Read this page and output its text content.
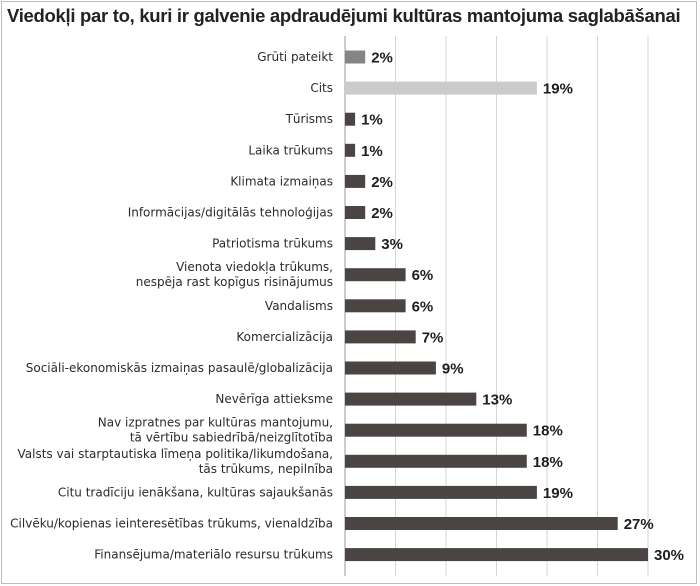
Viedokļi par to, kuri ir galvenie apdraudējumi kultūras mantojuma saglabāšanai
Grūti pateikt	2%
Cits	19%
Tūrisms 1%
Laika trūkums 1%
Klimata izmaiņas	2%
Informācijas/digitālās tehnoloģijas	2%
Patriotisma trūkums	3%
Vienota viedokļa trūkums,
nespēja rast kopīgus risinājumus	6%
Vandalisms	6%
Komercializācija	7%
Sociāli-ekonomiskās izmaiņas pasaulē/globalizācija	9%
Nevērīga attieksme	13%
Nav izpratnes par kultūras mantojumu,
tā vērtību sabiedrībā/neizglītotība	18%
Valsts vai starptautiska līmeņa politika/likumdošana,
tās trūkums, nepilnība	18%
Citu tradīciju ienākšana, kultūras sajaukšanās	19%
Cilvēku/kopienas ieinteresētības trūkums, vienaldzība	27%
Finansējuma/materiālo resursu trūkums	30%
